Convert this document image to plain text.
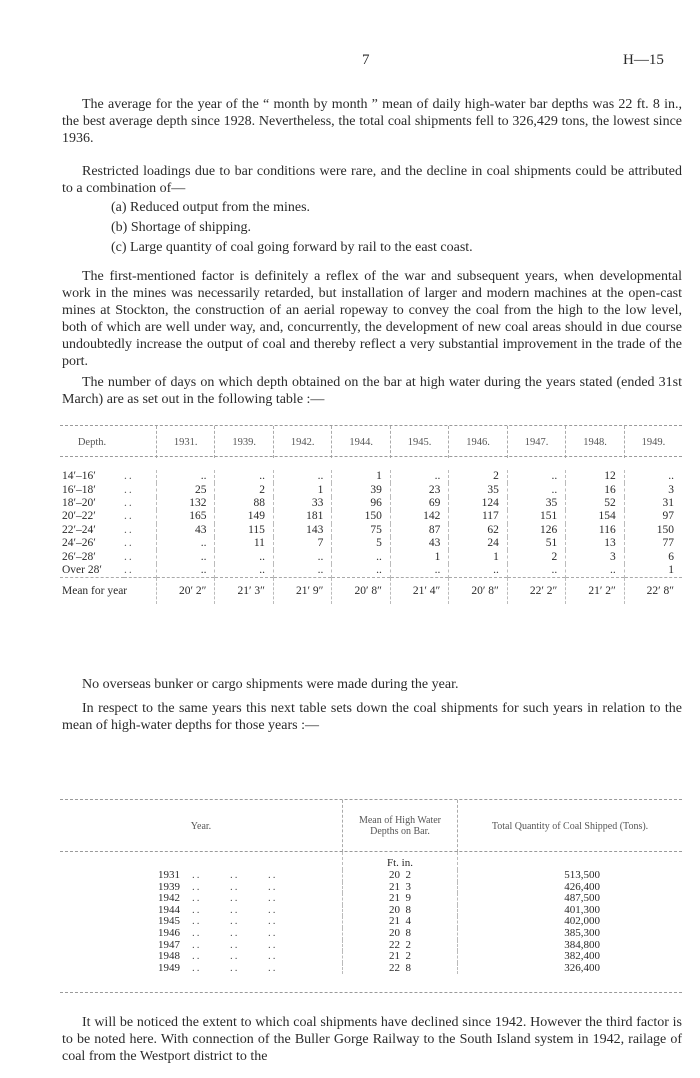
7	H—15

The average for the year of the “ month by month ” mean of daily high-water bar depths was 22 ft. 8 in., the best average depth since 1928. Nevertheless, the total coal shipments fell to 326,429 tons, the lowest since 1936.

Restricted loadings due to bar conditions were rare, and the decline in coal shipments could be attributed to a combination of—

(a) Reduced output from the mines.
(b) Shortage of shipping.
(c) Large quantity of coal going forward by rail to the east coast.

The first-mentioned factor is definitely a reflex of the war and subsequent years, when developmental work in the mines was necessarily retarded, but installation of larger and modern machines at the open-cast mines at Stockton, the construction of an aerial ropeway to convey the coal from the high to the low level, both of which are well under way, and, concurrently, the development of new coal areas should in due course undoubtedly increase the output of coal and thereby reflect a very substantial improvement in the trade of the port.

The number of days on which depth obtained on the bar at high water during the years stated (ended 31st March) are as set out in the following table :—

Depth.		1931.	1939.	1942.	1944.	1945.	1946.	1947.	1948.	1949.

14′–16′	..	..	..	..	1	..	2	..	12	..
16′–18′	..	25	2	1	39	23	35	..	16	3
18′–20′	..	132	88	33	96	69	124	35	52	31
20′–22′	..	165	149	181	150	142	117	151	154	97
22′–24′	..	43	115	143	75	87	62	126	116	150
24′–26′	..	..	11	7	5	43	24	51	13	77
26′–28′	..	..	..	..	..	1	1	2	3	6
Over 28′	..	..	..	..	..	..	..	..	..	1
Mean for year		20′ 2″	21′ 3″	21′ 9″	20′ 8″	21′ 4″	20′ 8″	22′ 2″	21′ 2″	22′ 8″

No overseas bunker or cargo shipments were made during the year.

In respect to the same years this next table sets down the coal shipments for such years in relation to the mean of high-water depths for those years :—

Year.	Mean of High Water Depths on Bar.	Total Quantity of Coal Shipped (Tons).
	Ft. in.	
1931 ..      ..      ..	20  2	513,500
1939 ..      ..      ..	21  3	426,400
1942 ..      ..      ..	21  9	487,500
1944 ..      ..      ..	20  8	401,300
1945 ..      ..      ..	21  4	402,000
1946 ..      ..      ..	20  8	385,300
1947 ..      ..      ..	22  2	384,800
1948 ..      ..      ..	21  2	382,400
1949 ..      ..      ..	22  8	326,400

It will be noticed the extent to which coal shipments have declined since 1942. However the third factor is to be noted here. With connection of the Buller Gorge Railway to the South Island system in 1942, railage of coal from the Westport district to the
